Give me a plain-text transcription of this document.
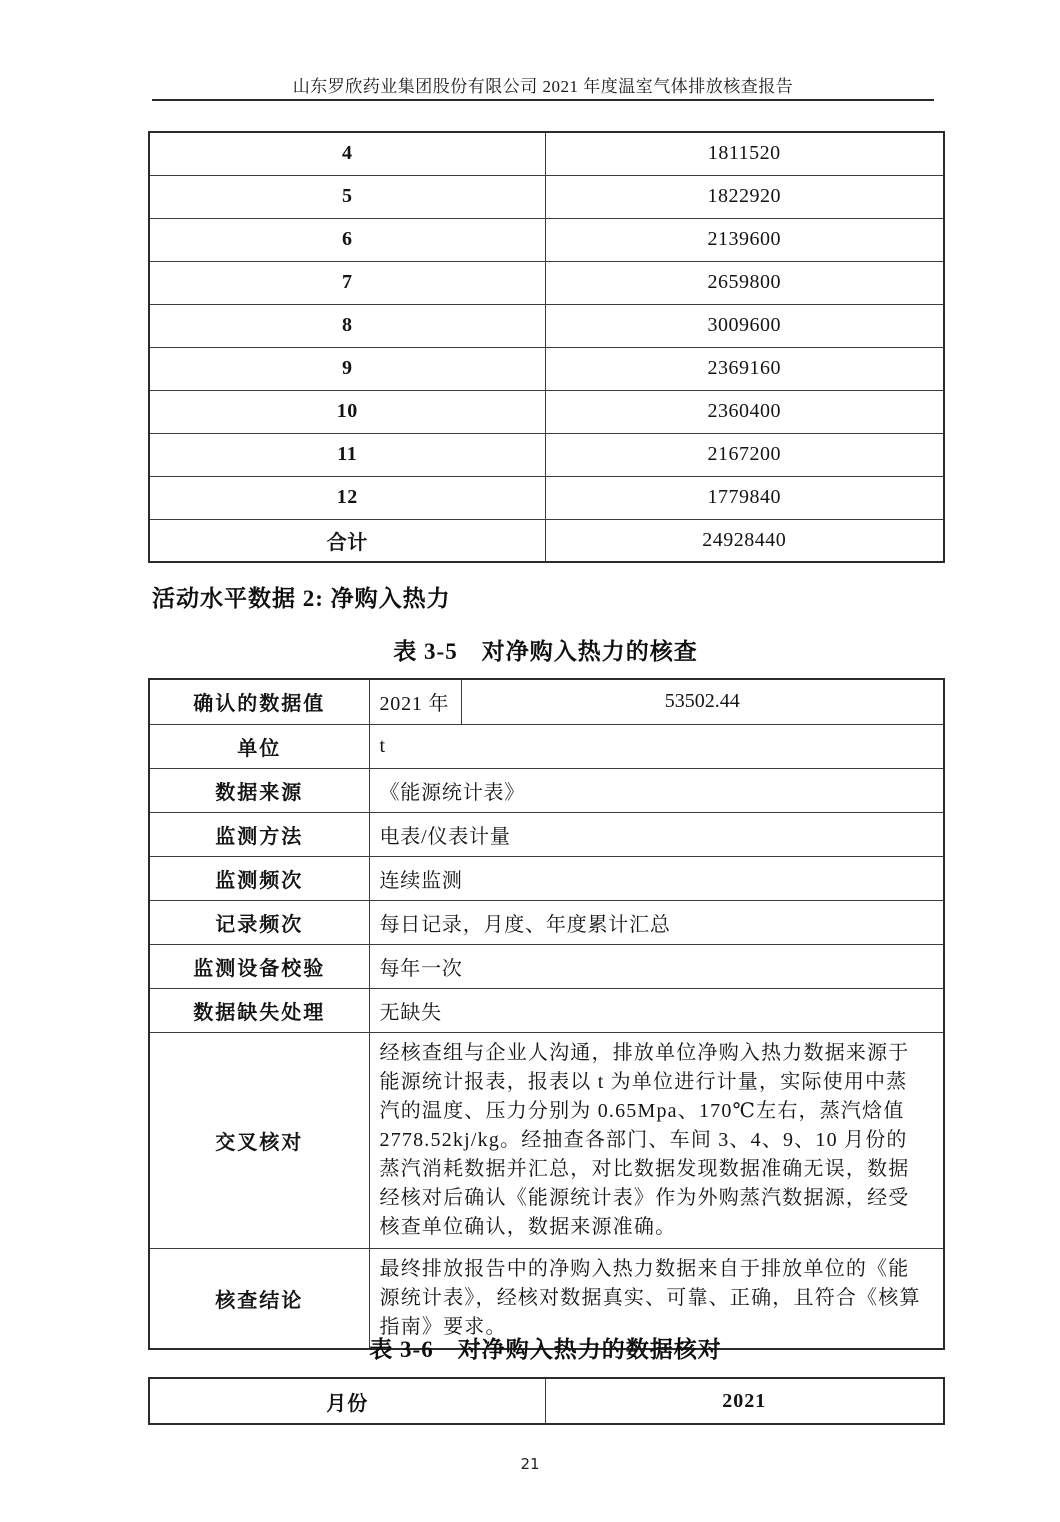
山东罗欣药业集团股份有限公司 2021 年度温室气体排放核查报告
4	1811520
5	1822920
6	2139600
7	2659800
8	3009600
9	2369160
10	2360400
11	2167200
12	1779840
合计	24928440
活动水平数据 2: 净购入热力
表 3-5　对净购入热力的核查
确认的数据值	2021 年	53502.44
单位	t	
数据来源	《能源统计表》	
监测方法	电表/仪表计量	
监测频次	连续监测	
记录频次	每日记录，月度、年度累计汇总	
监测设备校验	每年一次	
数据缺失处理	无缺失	
交叉核对	经核查组与企业人沟通，排放单位净购入热力数据来源于能源统计报表，报表以 t 为单位进行计量，实际使用中蒸汽的温度、压力分别为 0.65Mpa、170℃左右，蒸汽焓值2778.52kj/kg。经抽查各部门、车间 3、4、9、10 月份的蒸汽消耗数据并汇总，对比数据发现数据准确无误，数据经核对后确认《能源统计表》作为外购蒸汽数据源，经受核查单位确认，数据来源准确。	
核查结论	最终排放报告中的净购入热力数据来自于排放单位的《能源统计表》，经核对数据真实、可靠、正确，且符合《核算指南》要求。	
表 3-6　对净购入热力的数据核对
月份	2021
21
